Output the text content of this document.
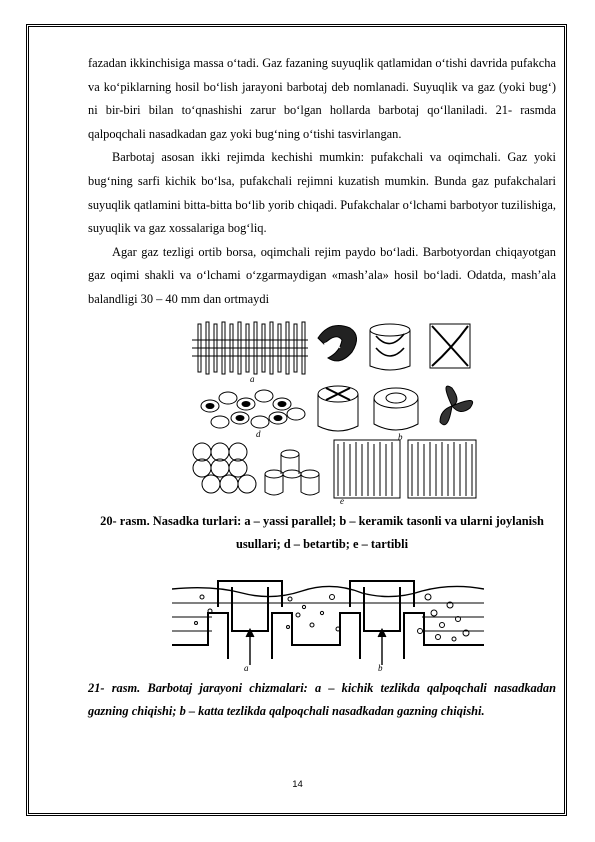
fazadan ikkinchisiga massa o‘tadi. Gaz fazaning suyuqlik qatlamidan o‘tishi davrida pufakcha va ko‘piklarning hosil bo‘lish jarayoni barbotaj deb nomlanadi. Suyuqlik va gaz (yoki bug‘) ni bir-biri bilan to‘qnashishi zarur bo‘lgan hollarda barbotaj qo‘llaniladi. 21- rasmda qalpoqchali nasadkadan gaz yoki bug‘ning o‘tishi tasvirlangan.

Barbotaj asosan ikki rejimda kechishi mumkin: pufakchali va oqimchali. Gaz yoki bug‘ning sarfi kichik bo‘lsa, pufakchali rejimni kuzatish mumkin. Bunda gaz pufakchalari suyuqlik qatlamini bitta-bitta bo‘lib yorib chiqadi. Pufakchalar o‘lchami barbotyor tuzilishiga, suyuqlik va gaz xossalariga bog‘liq.

Agar gaz tezligi ortib borsa, oqimchali rejim paydo bo‘ladi. Barbotyordan chiqayotgan gaz oqimi shakli va o‘lchami o‘zgarmaydigan «mash’ala» hosil bo‘ladi. Odatda, mash’ala balandligi 30 – 40 mm dan ortmaydi

a
d	b
e
20- rasm. Nasadka turlari: a – yassi parallel; b – keramik tasonli va ularni joylanish usullari; d – betartib; e – tartibli
a	b
21- rasm. Barbotaj jarayoni chizmalari: a – kichik tezlikda qalpoqchali nasadkadan gazning chiqishi; b – katta tezlikda qalpoqchali nasadkadan gazning chiqishi.
14
